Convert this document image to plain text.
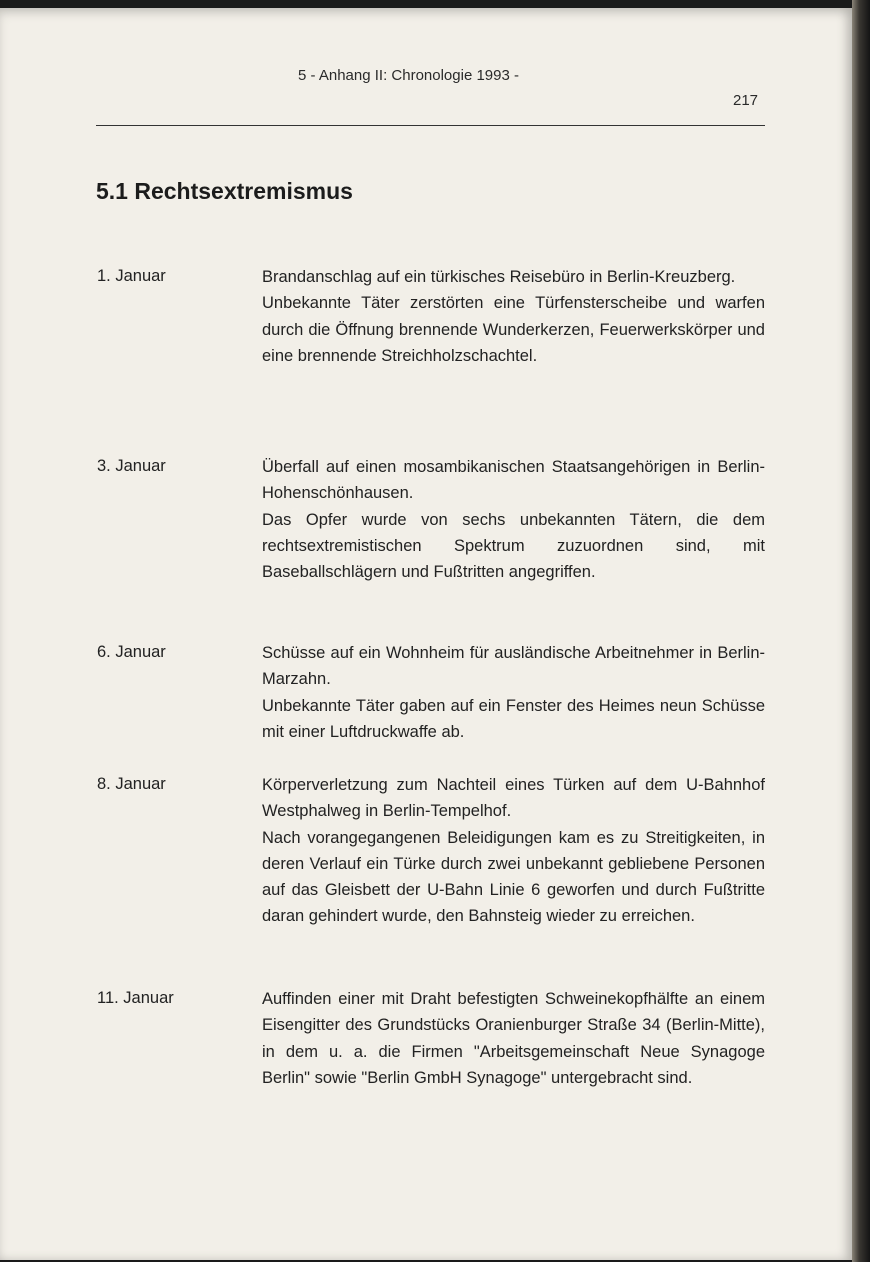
5 - Anhang II: Chronologie 1993 -
217
5.1 Rechtsextremismus
1. Januar	Brandanschlag auf ein türkisches Reisebüro in Berlin-Kreuzberg.

Unbekannte Täter zerstörten eine Türfensterscheibe und warfen durch die Öffnung brennende Wunderkerzen, Feuerwerkskörper und eine brennende Streichholzschachtel.

3. Januar	Überfall auf einen mosambikanischen Staatsangehörigen in Berlin-Hohenschönhausen.

Das Opfer wurde von sechs unbekannten Tätern, die dem rechtsextremistischen Spektrum zuzuordnen sind, mit Baseballschlägern und Fußtritten angegriffen.

6. Januar	Schüsse auf ein Wohnheim für ausländische Arbeitnehmer in Berlin-Marzahn.

Unbekannte Täter gaben auf ein Fenster des Heimes neun Schüsse mit einer Luftdruckwaffe ab.

8. Januar	Körperverletzung zum Nachteil eines Türken auf dem U-Bahnhof Westphalweg in Berlin-Tempelhof.

Nach vorangegangenen Beleidigungen kam es zu Streitigkeiten, in deren Verlauf ein Türke durch zwei unbekannt gebliebene Personen auf das Gleisbett der U-Bahn Linie 6 geworfen und durch Fußtritte daran gehindert wurde, den Bahnsteig wieder zu erreichen.

11. Januar	Auffinden einer mit Draht befestigten Schweinekopfhälfte an einem Eisengitter des Grundstücks Oranienburger Straße 34 (Berlin-Mitte), in dem u. a. die Firmen "Arbeitsgemeinschaft Neue Synagoge Berlin" sowie "Berlin GmbH Synagoge" untergebracht sind.
